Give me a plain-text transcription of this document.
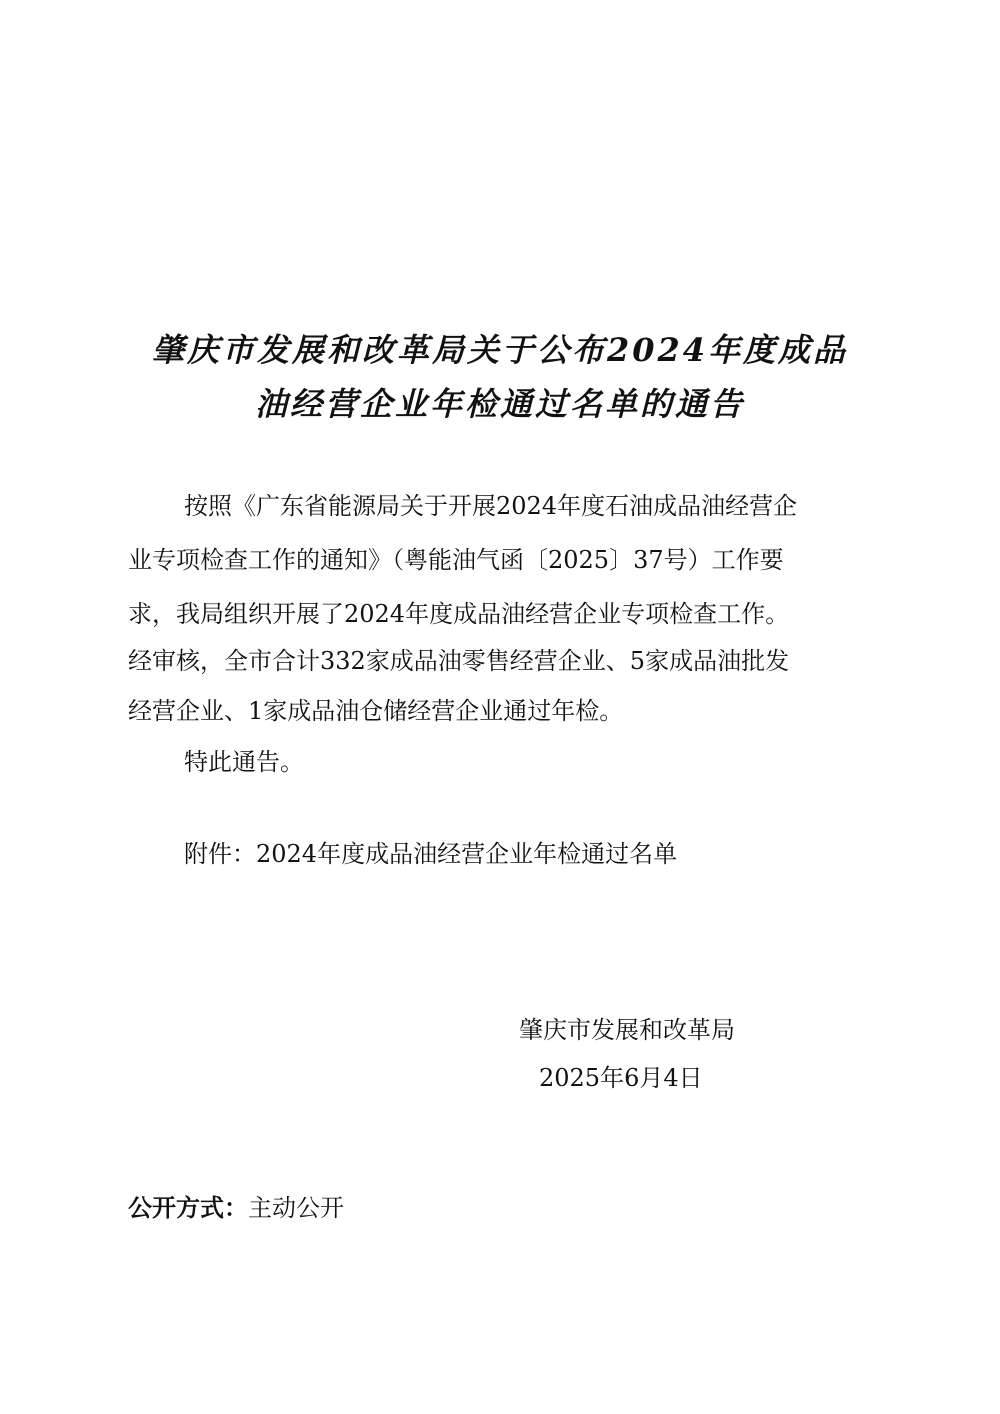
肇庆市发展和改革局关于公布2024年度成品
油经营企业年检通过名单的通告
按照《广东省能源局关于开展2024年度石油成品油经营企
业专项检查工作的通知》（粤能油气函〔2025〕37号）工作要
求，我局组织开展了2024年度成品油经营企业专项检查工作。
经审核，全市合计332家成品油零售经营企业、5家成品油批发
经营企业、1家成品油仓储经营企业通过年检。
特此通告。
附件：2024年度成品油经营企业年检通过名单
肇庆市发展和改革局
2025年6月4日
公开方式：主动公开
